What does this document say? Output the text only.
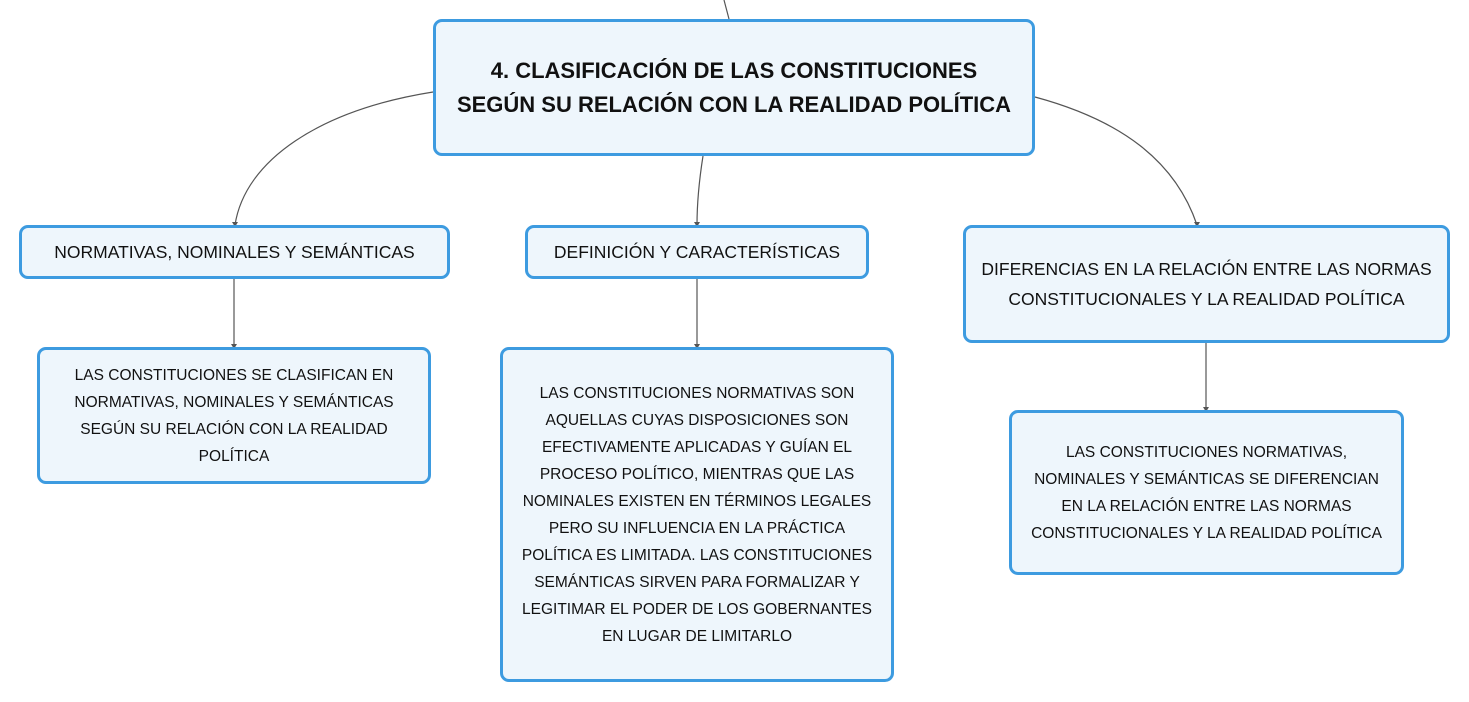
4. CLASIFICACIÓN DE LAS CONSTITUCIONES SEGÚN SU RELACIÓN CON LA REALIDAD POLÍTICA
NORMATIVAS, NOMINALES Y SEMÁNTICAS	DEFINICIÓN Y CARACTERÍSTICAS
DIFERENCIAS EN LA RELACIÓN ENTRE LAS NORMAS CONSTITUCIONALES Y LA REALIDAD POLÍTICA
LAS CONSTITUCIONES SE CLASIFICAN EN NORMATIVAS, NOMINALES Y SEMÁNTICAS SEGÚN SU RELACIÓN CON LA REALIDAD POLÍTICA
LAS CONSTITUCIONES NORMATIVAS SON AQUELLAS CUYAS DISPOSICIONES SON EFECTIVAMENTE APLICADAS Y GUÍAN EL PROCESO POLÍTICO, MIENTRAS QUE LAS NOMINALES EXISTEN EN TÉRMINOS LEGALES PERO SU INFLUENCIA EN LA PRÁCTICA POLÍTICA ES LIMITADA. LAS CONSTITUCIONES SEMÁNTICAS SIRVEN PARA FORMALIZAR Y LEGITIMAR EL PODER DE LOS GOBERNANTES EN LUGAR DE LIMITARLO
LAS CONSTITUCIONES NORMATIVAS, NOMINALES Y SEMÁNTICAS SE DIFERENCIAN EN LA RELACIÓN ENTRE LAS NORMAS CONSTITUCIONALES Y LA REALIDAD POLÍTICA
